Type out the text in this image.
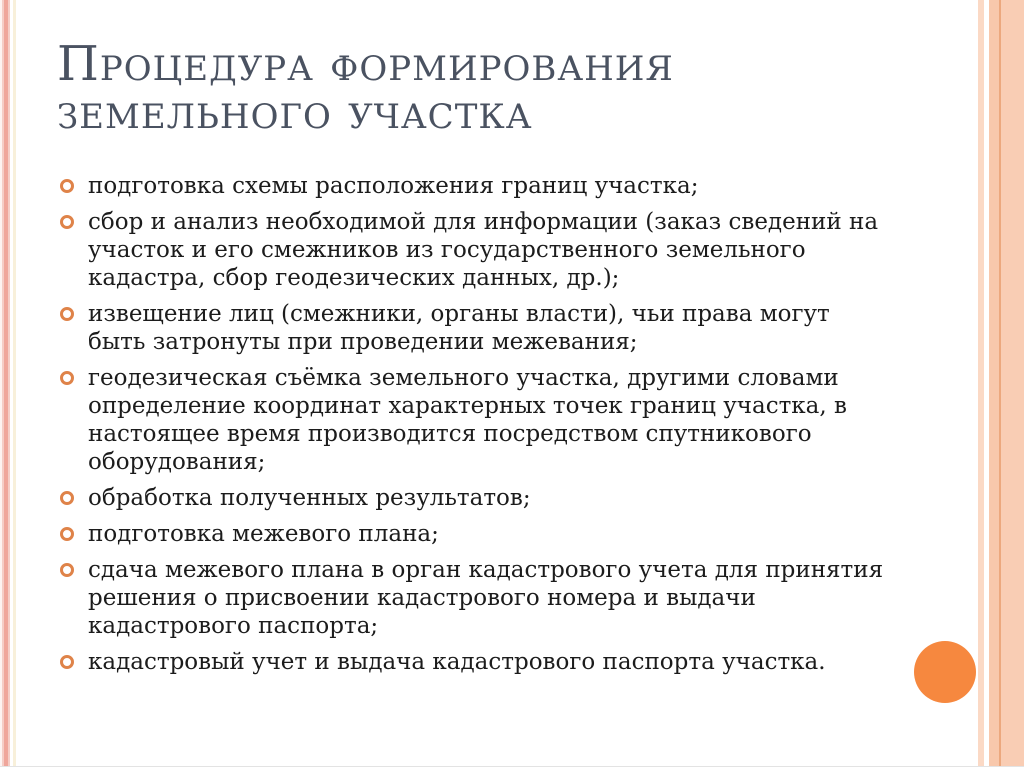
Процедура формирования земельного участка
подготовка схемы расположения границ участка;
сбор и анализ необходимой для информации (заказ сведений на участок и его смежников из государственного земельного кадастра, сбор геодезических данных, др.);
извещение лиц (смежники, органы власти), чьи права могут быть затронуты при проведении межевания;
геодезическая съёмка земельного участка, другими словами определение координат характерных точек границ участка, в настоящее время производится посредством спутникового оборудования;
обработка полученных результатов;
подготовка межевого плана;
сдача межевого плана в орган кадастрового учета для принятия решения о присвоении кадастрового номера и выдачи кадастрового паспорта;
кадастровый учет и выдача кадастрового паспорта участка.
